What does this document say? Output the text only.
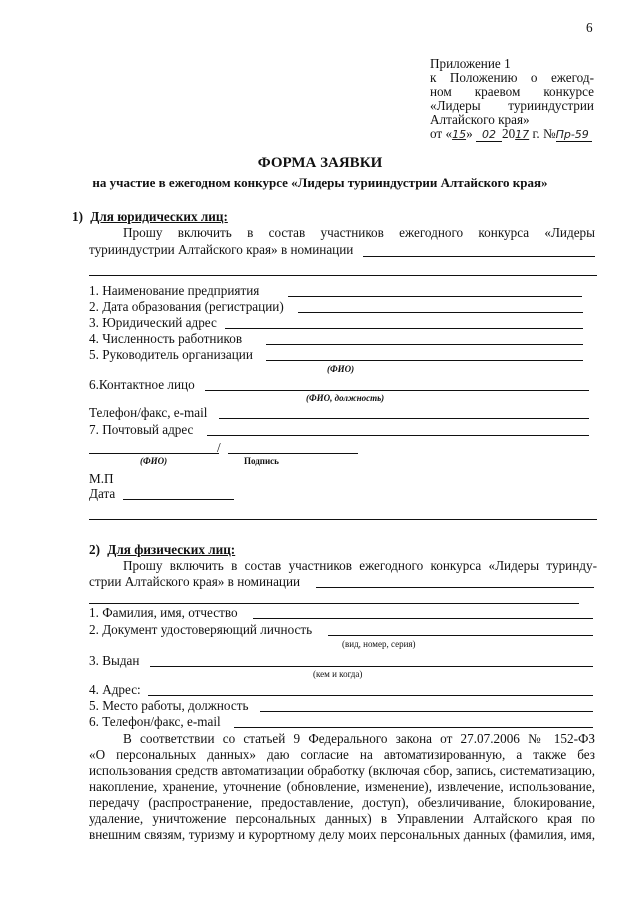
6
Приложение 1
к Положению о ежегод-
ном краевом конкурсе
«Лидеры турииндустрии
Алтайского края»
от «15» 02 2017 г. №Пр-59
ФОРМА ЗАЯВКИ
на участие в ежегодном конкурсе «Лидеры турииндустрии Алтайского края»
1) Для юридических лиц:
Прошу включить в состав участников ежегодного конкурса «Лидеры
турииндустрии Алтайского края» в номинации
1. Наименование предприятия
2. Дата образования (регистрации)
3. Юридический адрес
4. Численность работников
5. Руководитель организации
(ФИО)
6.Контактное лицо
(ФИО, должность)
Телефон/факс, e-mail
7. Почтовый адрес
/
(ФИО)	Подпись
М.П
Дата
2) Для физических лиц:
Прошу включить в состав участников ежегодного конкурса «Лидеры туринду-
стрии Алтайского края» в номинации
1. Фамилия, имя, отчество
2. Документ удостоверяющий личность
(вид, номер, серия)
3. Выдан
(кем и когда)
4. Адрес:
5. Место работы, должность
6. Телефон/факс, e-mail
В соответствии со статьей 9 Федерального закона от 27.07.2006 № 152-ФЗ
«О персональных данных» даю согласие на автоматизированную, а также без
использования средств автоматизации обработку (включая сбор, запись, систематизацию,
накопление, хранение, уточнение (обновление, изменение), извлечение, использование,
передачу (распространение, предоставление, доступ), обезличивание, блокирование,
удаление, уничтожение персональных данных) в Управлении Алтайского края по
внешним связям, туризму и курортному делу моих персональных данных (фамилия, имя,
